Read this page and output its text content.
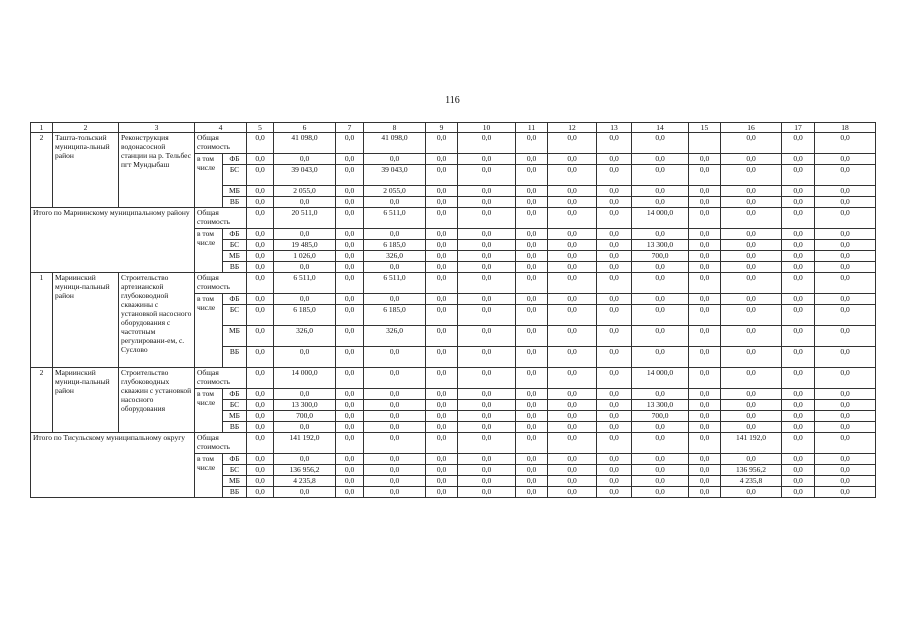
116
1	2	3	4		5	6	7	8	9	10	11	12	13	14	15	16	17	18
2	Ташта-тольский муниципа-льный район	Реконструкция водонасосной станции на р. Тельбес пгт Мундыбаш	Общая стоимость		0,0	41 098,0	0,0	41 098,0	0,0	0,0	0,0	0,0	0,0	0,0		0,0	0,0	0,0
			в том числе	ФБ	0,0	0,0	0,0	0,0	0,0	0,0	0,0	0,0	0,0	0,0	0,0	0,0	0,0	0,0
				БС	0,0	39 043,0	0,0	39 043,0	0,0	0,0	0,0	0,0	0,0	0,0	0,0	0,0	0,0	0,0
				МБ	0,0	2 055,0	0,0	2 055,0	0,0	0,0	0,0	0,0	0,0	0,0	0,0	0,0	0,0	0,0
				ВБ	0,0	0,0	0,0	0,0	0,0	0,0	0,0	0,0	0,0	0,0	0,0	0,0	0,0	0,0
Итого по Мариинскому муниципальному району			Общая стоимость		0,0	20 511,0	0,0	6 511,0	0,0	0,0	0,0	0,0	0,0	14 000,0	0,0	0,0	0,0	0,0
			в том числе	ФБ	0,0	0,0	0,0	0,0	0,0	0,0	0,0	0,0	0,0	0,0	0,0	0,0	0,0	0,0
				БС	0,0	19 485,0	0,0	6 185,0	0,0	0,0	0,0	0,0	0,0	13 300,0	0,0	0,0	0,0	0,0
				МБ	0,0	1 026,0	0,0	326,0	0,0	0,0	0,0	0,0	0,0	700,0	0,0	0,0	0,0	0,0
				ВБ	0,0	0,0	0,0	0,0	0,0	0,0	0,0	0,0	0,0	0,0	0,0	0,0	0,0	0,0
1	Мариинский муници-пальный район	Строительство артезианской глубоководной скважины с установкой насосного оборудования с частотным регулировани-ем, с. Суслово	Общая стоимость		0,0	6 511,0	0,0	6 511,0	0,0	0,0	0,0	0,0	0,0	0,0	0,0	0,0	0,0	0,0
			в том числе	ФБ	0,0	0,0	0,0	0,0	0,0	0,0	0,0	0,0	0,0	0,0	0,0	0,0	0,0	0,0
				БС	0,0	6 185,0	0,0	6 185,0	0,0	0,0	0,0	0,0	0,0	0,0	0,0	0,0	0,0	0,0
				МБ	0,0	326,0	0,0	326,0	0,0	0,0	0,0	0,0	0,0	0,0	0,0	0,0	0,0	0,0
				ВБ	0,0	0,0	0,0	0,0	0,0	0,0	0,0	0,0	0,0	0,0	0,0	0,0	0,0	0,0
2	Мариинский муници-пальный район	Строительство глубоководных скважин с установкой насосного оборудования	Общая стоимость		0,0	14 000,0	0,0	0,0	0,0	0,0	0,0	0,0	0,0	14 000,0	0,0	0,0	0,0	0,0
			в том числе	ФБ	0,0	0,0	0,0	0,0	0,0	0,0	0,0	0,0	0,0	0,0	0,0	0,0	0,0	0,0
				БС	0,0	13 300,0	0,0	0,0	0,0	0,0	0,0	0,0	0,0	13 300,0	0,0	0,0	0,0	0,0
				МБ	0,0	700,0	0,0	0,0	0,0	0,0	0,0	0,0	0,0	700,0	0,0	0,0	0,0	0,0
				ВБ	0,0	0,0	0,0	0,0	0,0	0,0	0,0	0,0	0,0	0,0	0,0	0,0	0,0	0,0
Итого по Тисульскому муниципальному округу			Общая стоимость		0,0	141 192,0	0,0	0,0	0,0	0,0	0,0	0,0	0,0	0,0	0,0	141 192,0	0,0	0,0
			в том числе	ФБ	0,0	0,0	0,0	0,0	0,0	0,0	0,0	0,0	0,0	0,0	0,0	0,0	0,0	0,0
				БС	0,0	136 956,2	0,0	0,0	0,0	0,0	0,0	0,0	0,0	0,0	0,0	136 956,2	0,0	0,0
				МБ	0,0	4 235,8	0,0	0,0	0,0	0,0	0,0	0,0	0,0	0,0	0,0	4 235,8	0,0	0,0
				ВБ	0,0	0,0	0,0	0,0	0,0	0,0	0,0	0,0	0,0	0,0	0,0	0,0	0,0	0,0
